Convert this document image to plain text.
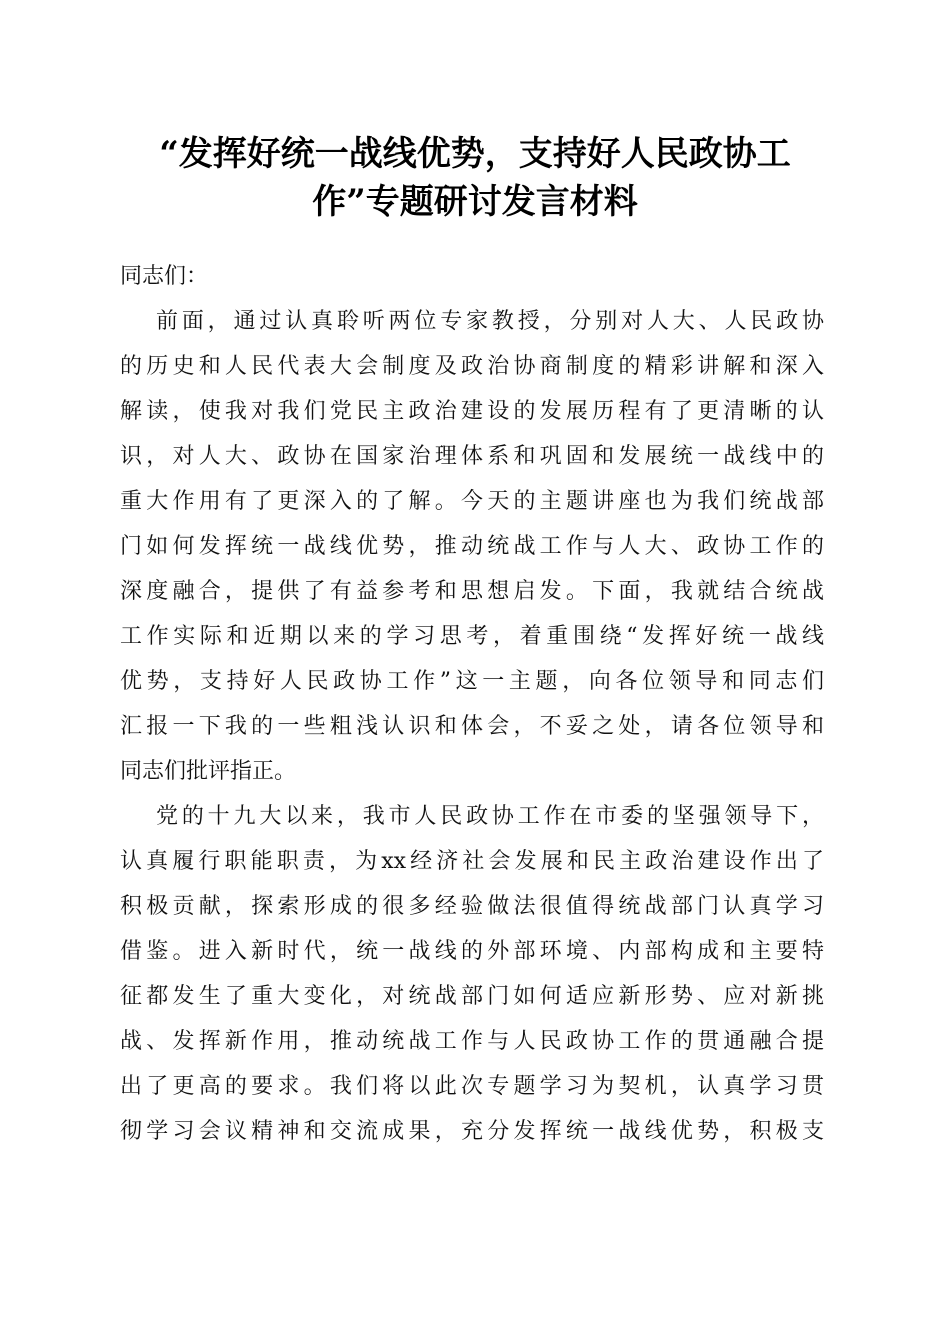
“发挥好统一战线优势，支持好人民政协工
作”专题研讨发言材料
同志们：
前面，通过认真聆听两位专家教授，分别对人大、人民政协
的历史和人民代表大会制度及政治协商制度的精彩讲解和深入
解读，使我对我们党民主政治建设的发展历程有了更清晰的认
识，对人大、政协在国家治理体系和巩固和发展统一战线中的
重大作用有了更深入的了解。今天的主题讲座也为我们统战部
门如何发挥统一战线优势，推动统战工作与人大、政协工作的
深度融合，提供了有益参考和思想启发。下面，我就结合统战
工作实际和近期以来的学习思考，着重围绕“发挥好统一战线
优势，支持好人民政协工作”这一主题，向各位领导和同志们
汇报一下我的一些粗浅认识和体会，不妥之处，请各位领导和
同志们批评指正。
党的十九大以来，我市人民政协工作在市委的坚强领导下，
认真履行职能职责，为xx经济社会发展和民主政治建设作出了
积极贡献，探索形成的很多经验做法很值得统战部门认真学习
借鉴。进入新时代，统一战线的外部环境、内部构成和主要特
征都发生了重大变化，对统战部门如何适应新形势、应对新挑
战、发挥新作用，推动统战工作与人民政协工作的贯通融合提
出了更高的要求。我们将以此次专题学习为契机，认真学习贯
彻学习会议精神和交流成果，充分发挥统一战线优势，积极支
